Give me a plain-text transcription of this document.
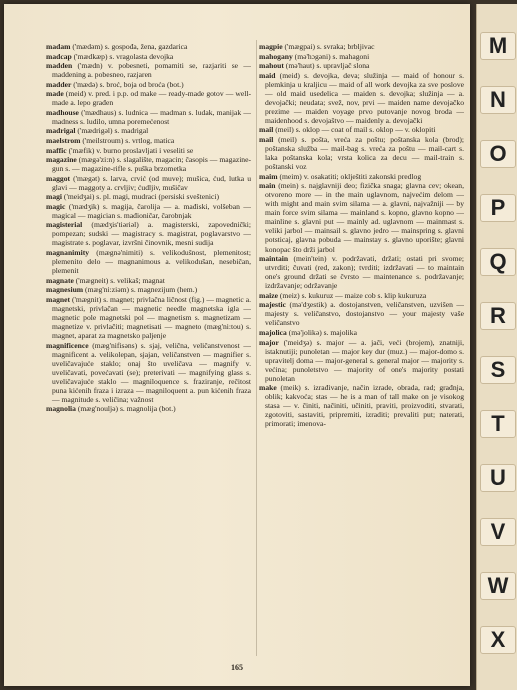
madam ('mædəm) s. gospođa, žena, gazdarica

madcap ('mædkæp) s. vragolasta devojka

madden ('mædn) v. pobesneti, pomamiti se, razjariti se — maddening a. pobesneo, razjaren

madder ('mædə) s. broć, boja od broća (bot.)

made (meid) v. pred. i p.p. od make — ready-made gotov — well-made a. lepo građen

madhouse ('mædhaus) s. ludnica — madman s. ludak, manijak — madness s. ludilo, umna poremećenost

madrigal ('mædrigəl) s. madrigal

maelstrom ('meilstroum) s. vrtlog, matica

maffic ('mæfik) v. burno proslavljati i veseliti se

magazine (mægə'zi:n) s. slagalište, magacin; časopis — magazine-gun s. — magazine-rifle s. puška brzometka

maggot ('mægət) s. larva, crvić (od muve); mušica, ćud, lutka u glavi — maggoty a. crvljiv; ćudljiv, mušičav

magi ('meidʒai) s. pl. magi, mudraci (persiski sveštenici)

magic ('mædʒik) s. magija, čarolija — a. mađiski, volšeban — magical — magician s. mađioničar, čarobnjak

magisterial (mædʒis'tiəriəl) a. magisterski, zapovednički; pompezan; sudski — magistracy s. magistrat, poglavarstvo — magistrate s. poglavar, izvršni činovnik, mesni sudija

magnanimity (mægnə'nimiti) s. velikodušnost, plemenitost; plemenito delo — magnanimous a. velikodušan, nesebičan, plemenit

magnate ('mægneit) s. velikaš; magnat

magnesium (mæg'ni:ziəm) s. magnezijum (hem.)

magnet ('mægnit) s. magnet; privlačna ličnost (fig.) — magnetic a. magnetski, privlačan — magnetic needle magnetska igla — magnetic pole magnetski pol — magnetism s. magnetizam — magnetize v. privlačiti; magnetisati — magneto (mæg'ni:tou) s. magnet, aparat za magnetsko paljenje

magnificence (mæg'nifisəns) s. sjaj, velična, veličanstvenost — magnificent a. velikolepan, sjajan, veličanstven — magnifier s. uveličavajuće staklo; onaj što uveličava — magnify v. uveličavati, povećavati (se); preterivati — magnifying glass s. uveličavajuće staklo — magniloquence s. fraziranje, rečitost puna kićenih fraza i izraza — magniloquent a. pun kićenih fraza — magnitude s. veličina; važnost

magnolia (mæg'nouljə) s. magnolija (bot.)

magpie ('mægpai) s. svraka; brbljivac

mahogany (mə'hɔgəni) s. mahagoni

mahout (mə'haut) s. upravljač slona

maid (meid) s. devojka, deva; služinja — maid of honour s. plemkinja u kraljicu — maid of all work devojka za sve poslove — old maid usedelica — maiden s. devojka; služinja — a. devojački; neudata; svež, nov, prvi — maiden name devojačko prezime — maiden voyage prvo putovanje novog broda — maidenhood s. devojaštvo — maidenly a. devojački

mail (meil) s. oklop — coat of mail s. oklop — v. oklopiti

mail (meil) s. pošta, vreća za poštu; poštanska kola (brod); poštanska služba — mail-bag s. vreća za poštu — mail-cart s. laka poštanska kola; vrsta kolica za decu — mail-train s. poštanski voz

maim (meim) v. osakatiti; oklještiti zakonski predlog

main (mein) s. najglavniji deo; fizička snaga; glavna cev; okean, otvoreno more — in the main uglavnom, najvećim delom — with might and main svim silama — a. glavni, najvažniji — by main force svim silama — mainland s. kopno, glavno kopno — mainline s. glavni put — mainly ad. uglavnom — mainmast s. veliki jarbol — mainsail s. glavno jedro — mainspring s. glavni potsticaj, glavna pobuda — mainstay s. glavno uporište; glavni konopac što drži jarbol

maintain (mein'tein) v. podržavati, držati; ostati pri svome; utvrditi; čuvati (red, zakon); tvrditi; izdržavati — to maintain one's ground držati se čvrsto — maintenance s. podržavanje; izdržavanje; održavanje

maize (meiz) s. kukuruz — maize cob s. klip kukuruza

majestic (mə'dʒestik) a. dostojanstven, veličanstven, uzvišen — majesty s. veličanstvo, dostojanstvo — your majesty vaše veličanstvo

majolica (mə'jolikə) s. majolika

major ('meidʒə) s. major — a. jači, veći (brojem), znatniji, istaknutiji; punoletan — major key dur (muz.) — major-domo s. upravitelj doma — major-general s. general major — majority s. većina; punoletstvo — majority of one's majority postati punoletan

make (meik) s. izrađivanje, način izrade, obrada, rad; građnja, oblik; kakvoća; stas — he is a man of tall make on je visokog stasa — v. činiti, načiniti, učiniti, praviti, proizvoditi, stvarati, zgotoviti, sastaviti, pripremiti, izraditi; prevaliti put; naterati, primorati; imenova-

165
M
N
O
P
Q
R
S
T
U
V
W
X
